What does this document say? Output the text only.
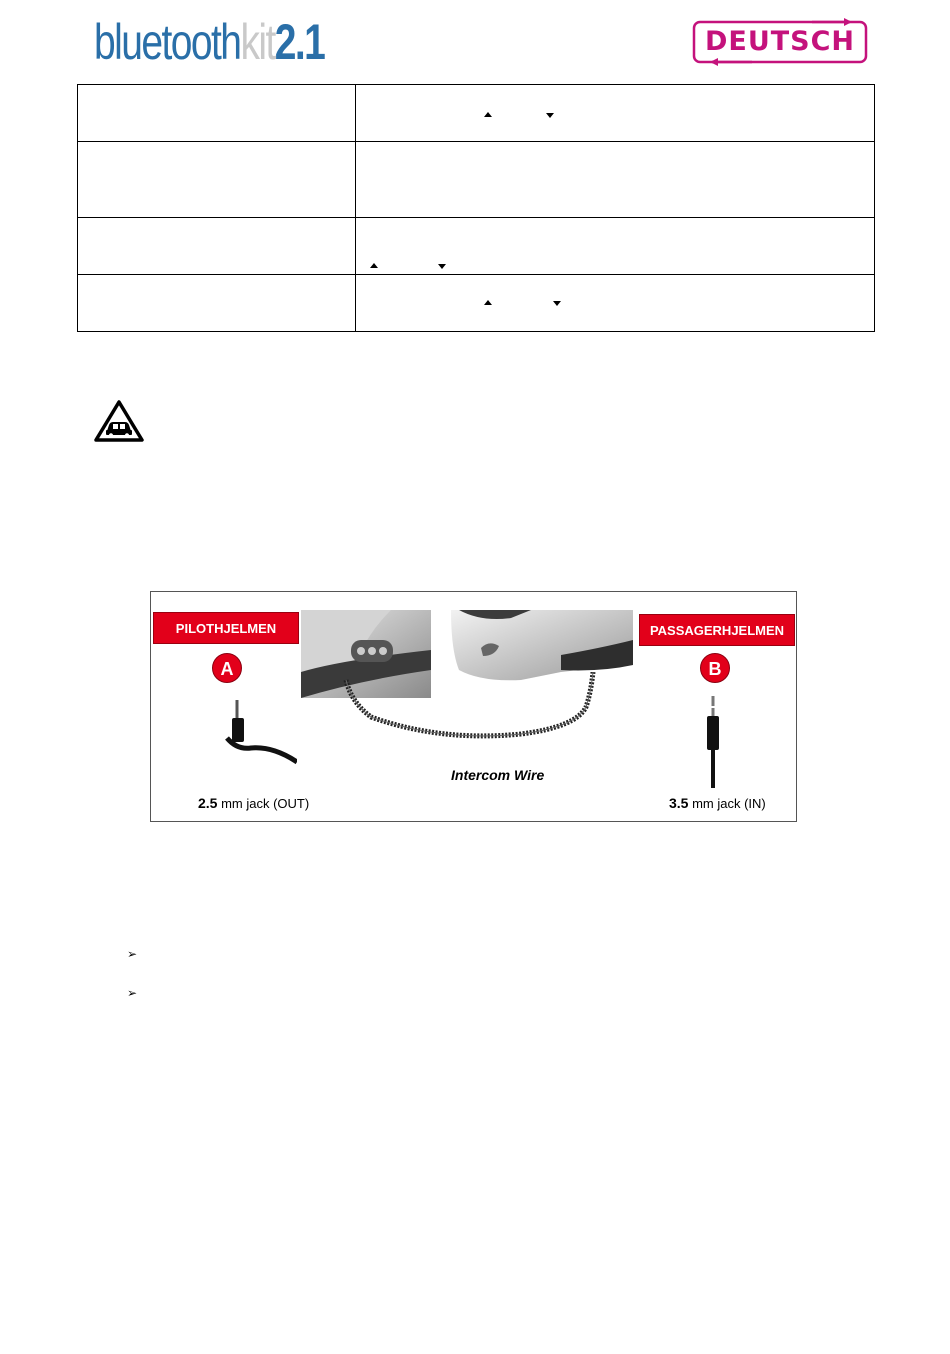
bluetoothkit2.1	DEUTSCH

PILOTHJELMEN
A
PASSAGERHJELMEN
B
Intercom Wire
2.5 mm jack (OUT)	3.5 mm jack (IN)
➢
➢
